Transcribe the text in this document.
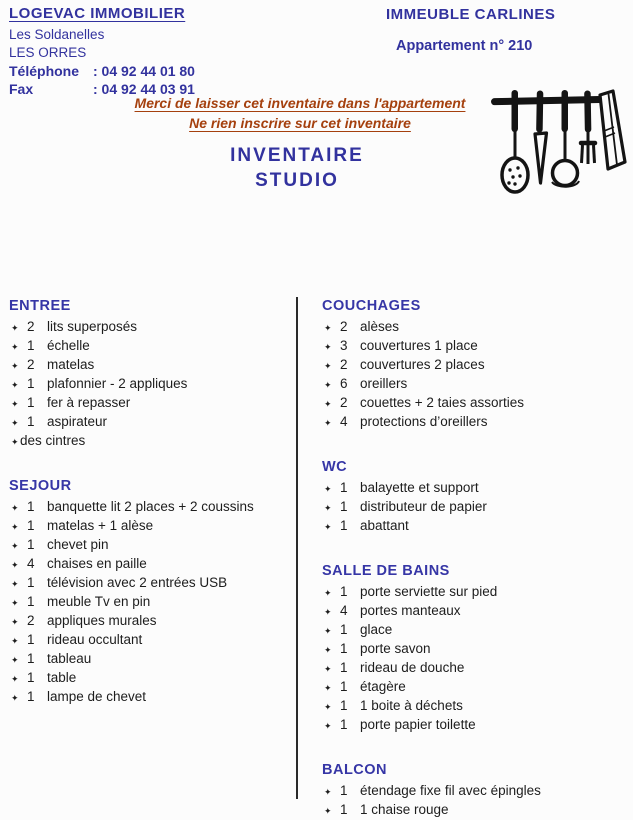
LOGEVAC IMMOBILIER
Les Soldanelles
LES ORRES
Téléphone : 04 92 44 01 80
Fax	: 04 92 44 03 91
IMMEUBLE CARLINES
Appartement n° 210
Merci de laisser cet inventaire dans l'appartement
Ne rien inscrire sur cet inventaire
INVENTAIRE
STUDIO
ENTREE
✦ 2 lits superposés
✦ 1 échelle
✦ 2 matelas
✦ 1 plafonnier - 2 appliques
✦ 1 fer à repasser
✦ 1 aspirateur
✦ des cintres
SEJOUR
✦ 1 banquette lit 2 places + 2 coussins
✦ 1 matelas + 1 alèse
✦ 1 chevet pin
✦ 4 chaises en paille
✦ 1 télévision avec 2 entrées USB
✦ 1 meuble Tv en pin
✦ 2 appliques murales
✦ 1 rideau occultant
✦ 1 tableau
✦ 1 table
✦ 1 lampe de chevet
COUCHAGES
✦ 2 alèses
✦ 3 couvertures 1 place
✦ 2 couvertures 2 places
✦ 6 oreillers
✦ 2 couettes + 2 taies assorties
✦ 4 protections d’oreillers
WC
✦ 1 balayette et support
✦ 1 distributeur de papier
✦ 1 abattant
SALLE DE BAINS
✦ 1 porte serviette sur pied
✦ 4 portes manteaux
✦ 1 glace
✦ 1 porte savon
✦ 1 rideau de douche
✦ 1 étagère
✦ 1 1 boite à déchets
✦ 1 porte papier toilette
BALCON
✦ 1 étendage fixe fil avec épingles
✦ 1 1 chaise rouge
